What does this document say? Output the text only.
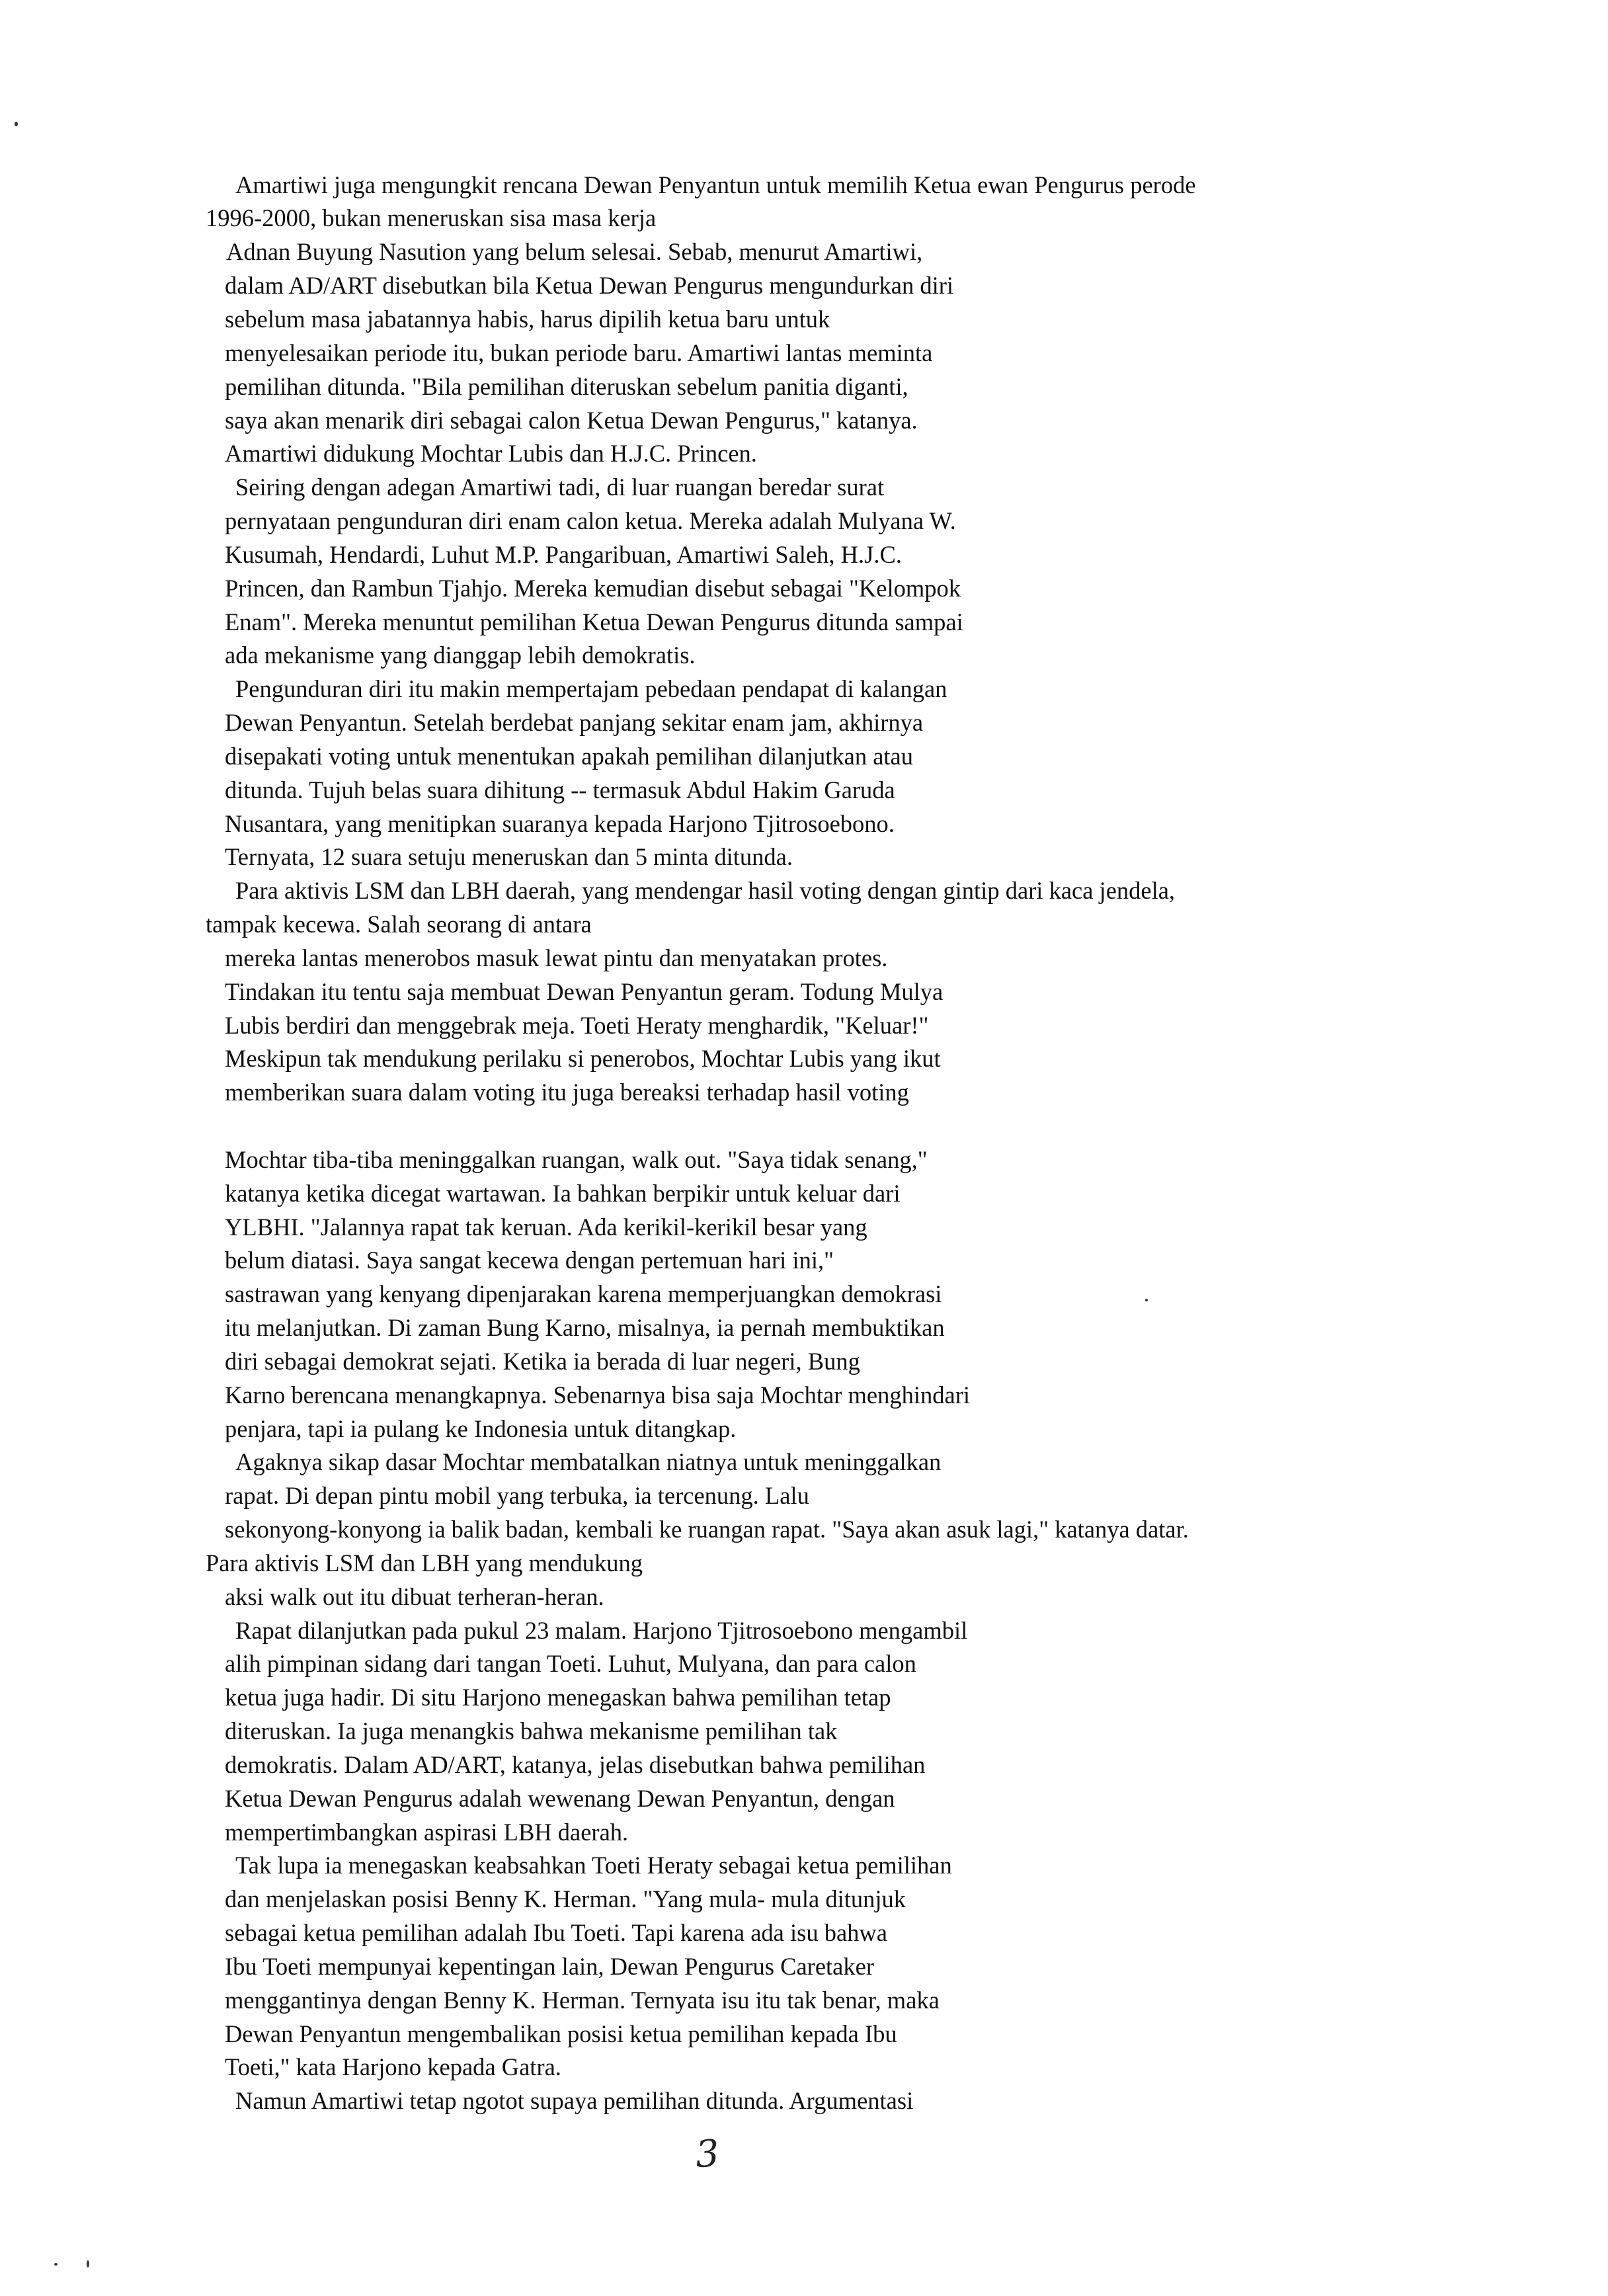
Amartiwi juga mengungkit rencana Dewan Penyantun untuk memilih Ketua ewan Pengurus perode
1996-2000, bukan meneruskan sisa masa kerja
Adnan Buyung Nasution yang belum selesai. Sebab, menurut Amartiwi,
dalam AD/ART disebutkan bila Ketua Dewan Pengurus mengundurkan diri
sebelum masa jabatannya habis, harus dipilih ketua baru untuk
menyelesaikan periode itu, bukan periode baru. Amartiwi lantas meminta
pemilihan ditunda. "Bila pemilihan diteruskan sebelum panitia diganti,
saya akan menarik diri sebagai calon Ketua Dewan Pengurus," katanya.
Amartiwi didukung Mochtar Lubis dan H.J.C. Princen.
Seiring dengan adegan Amartiwi tadi, di luar ruangan beredar surat
pernyataan pengunduran diri enam calon ketua. Mereka adalah Mulyana W.
Kusumah, Hendardi, Luhut M.P. Pangaribuan, Amartiwi Saleh, H.J.C.
Princen, dan Rambun Tjahjo. Mereka kemudian disebut sebagai "Kelompok
Enam". Mereka menuntut pemilihan Ketua Dewan Pengurus ditunda sampai
ada mekanisme yang dianggap lebih demokratis.
Pengunduran diri itu makin mempertajam pebedaan pendapat di kalangan
Dewan Penyantun. Setelah berdebat panjang sekitar enam jam, akhirnya
disepakati voting untuk menentukan apakah pemilihan dilanjutkan atau
ditunda. Tujuh belas suara dihitung -- termasuk Abdul Hakim Garuda
Nusantara, yang menitipkan suaranya kepada Harjono Tjitrosoebono.
Ternyata, 12 suara setuju meneruskan dan 5 minta ditunda.
Para aktivis LSM dan LBH daerah, yang mendengar hasil voting dengan gintip dari kaca jendela,
tampak kecewa. Salah seorang di antara
mereka lantas menerobos masuk lewat pintu dan menyatakan protes.
Tindakan itu tentu saja membuat Dewan Penyantun geram. Todung Mulya
Lubis berdiri dan menggebrak meja. Toeti Heraty menghardik, "Keluar!"
Meskipun tak mendukung perilaku si penerobos, Mochtar Lubis yang ikut
memberikan suara dalam voting itu juga bereaksi terhadap hasil voting
Mochtar tiba-tiba meninggalkan ruangan, walk out. "Saya tidak senang,"
katanya ketika dicegat wartawan. Ia bahkan berpikir untuk keluar dari
YLBHI. "Jalannya rapat tak keruan. Ada kerikil-kerikil besar yang
belum diatasi. Saya sangat kecewa dengan pertemuan hari ini,"
sastrawan yang kenyang dipenjarakan karena memperjuangkan demokrasi
itu melanjutkan. Di zaman Bung Karno, misalnya, ia pernah membuktikan
diri sebagai demokrat sejati. Ketika ia berada di luar negeri, Bung
Karno berencana menangkapnya. Sebenarnya bisa saja Mochtar menghindari
penjara, tapi ia pulang ke Indonesia untuk ditangkap.
Agaknya sikap dasar Mochtar membatalkan niatnya untuk meninggalkan
rapat. Di depan pintu mobil yang terbuka, ia tercenung. Lalu
sekonyong-konyong ia balik badan, kembali ke ruangan rapat. "Saya akan asuk lagi," katanya datar.
Para aktivis LSM dan LBH yang mendukung
aksi walk out itu dibuat terheran-heran.
Rapat dilanjutkan pada pukul 23 malam. Harjono Tjitrosoebono mengambil
alih pimpinan sidang dari tangan Toeti. Luhut, Mulyana, dan para calon
ketua juga hadir. Di situ Harjono menegaskan bahwa pemilihan tetap
diteruskan. Ia juga menangkis bahwa mekanisme pemilihan tak
demokratis. Dalam AD/ART, katanya, jelas disebutkan bahwa pemilihan
Ketua Dewan Pengurus adalah wewenang Dewan Penyantun, dengan
mempertimbangkan aspirasi LBH daerah.
Tak lupa ia menegaskan keabsahkan Toeti Heraty sebagai ketua pemilihan
dan menjelaskan posisi Benny K. Herman. "Yang mula- mula ditunjuk
sebagai ketua pemilihan adalah Ibu Toeti. Tapi karena ada isu bahwa
Ibu Toeti mempunyai kepentingan lain, Dewan Pengurus Caretaker
menggantinya dengan Benny K. Herman. Ternyata isu itu tak benar, maka
Dewan Penyantun mengembalikan posisi ketua pemilihan kepada Ibu
Toeti," kata Harjono kepada Gatra.
Namun Amartiwi tetap ngotot supaya pemilihan ditunda. Argumentasi
3
